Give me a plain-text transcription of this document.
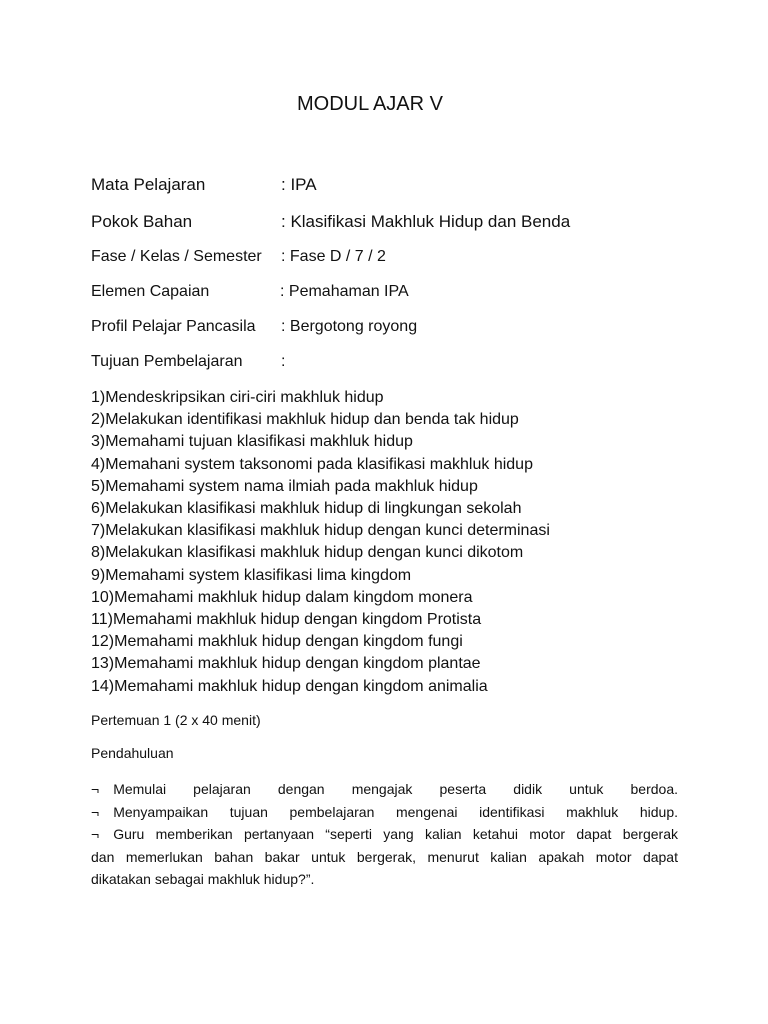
MODUL AJAR V
Mata Pelajaran	: IPA
Pokok Bahan	: Klasifikasi Makhluk Hidup dan Benda
Fase / Kelas / Semester : Fase D / 7 / 2
Elemen Capaian	: Pemahaman IPA
Profil Pelajar Pancasila : Bergotong royong
Tujuan Pembelajaran :
1)Mendeskripsikan ciri-ciri makhluk hidup
2)Melakukan identifikasi makhluk hidup dan benda tak hidup
3)Memahami tujuan klasifikasi makhluk hidup
4)Memahani system taksonomi pada klasifikasi makhluk hidup
5)Memahami system nama ilmiah pada makhluk hidup
6)Melakukan klasifikasi makhluk hidup di lingkungan sekolah
7)Melakukan klasifikasi makhluk hidup dengan kunci determinasi
8)Melakukan klasifikasi makhluk hidup dengan kunci dikotom
9)Memahami system klasifikasi lima kingdom
10)Memahami makhluk hidup dalam kingdom monera
11)Memahami makhluk hidup dengan kingdom Protista
12)Memahami makhluk hidup dengan kingdom fungi
13)Memahami makhluk hidup dengan kingdom plantae
14)Memahami makhluk hidup dengan kingdom animalia
Pertemuan 1 (2 x 40 menit)
Pendahuluan
¬ Memulai pelajaran dengan mengajak peserta didik untuk berdoa.
¬ Menyampaikan tujuan pembelajaran mengenai identifikasi makhluk hidup.
¬ Guru memberikan pertanyaan “seperti yang kalian ketahui motor dapat bergerak
dan memerlukan bahan bakar untuk bergerak, menurut kalian apakah motor dapat
dikatakan sebagai makhluk hidup?”.
